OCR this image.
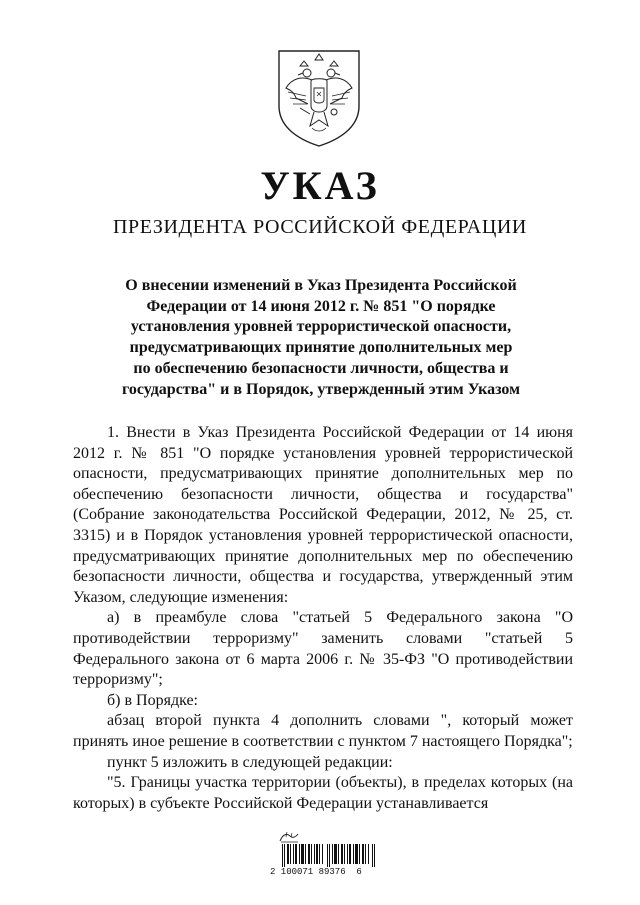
УКАЗ
ПРЕЗИДЕНТА РОССИЙСКОЙ ФЕДЕРАЦИИ
О внесении изменений в Указ Президента Российской Федерации от 14 июня 2012 г. № 851 "О порядке установления уровней террористической опасности, предусматривающих принятие дополнительных мер по обеспечению безопасности личности, общества и государства" и в Порядок, утвержденный этим Указом

1. Внести в Указ Президента Российской Федерации от 14 июня 2012 г. № 851 "О порядке установления уровней террористической опасности, предусматривающих принятие дополнительных мер по обеспечению безопасности личности, общества и государства" (Собрание законодательства Российской Федерации, 2012, № 25, ст. 3315) и в Порядок установления уровней террористической опасности, предусматривающих принятие дополнительных мер по обеспечению безопасности личности, общества и государства, утвержденный этим Указом, следующие изменения:

а) в преамбуле слова "статьей 5 Федерального закона "О противодействии терроризму" заменить словами "статьей 5 Федерального закона от 6 марта 2006 г. № 35-ФЗ "О противодействии терроризму";

б) в Порядке:

абзац второй пункта 4 дополнить словами ", который может принять иное решение в соответствии с пунктом 7 настоящего Порядка";

пункт 5 изложить в следующей редакции:

"5. Границы участка территории (объекты), в пределах которых (на которых) в субъекте Российской Федерации устанавливается

2 100071 89376  6
